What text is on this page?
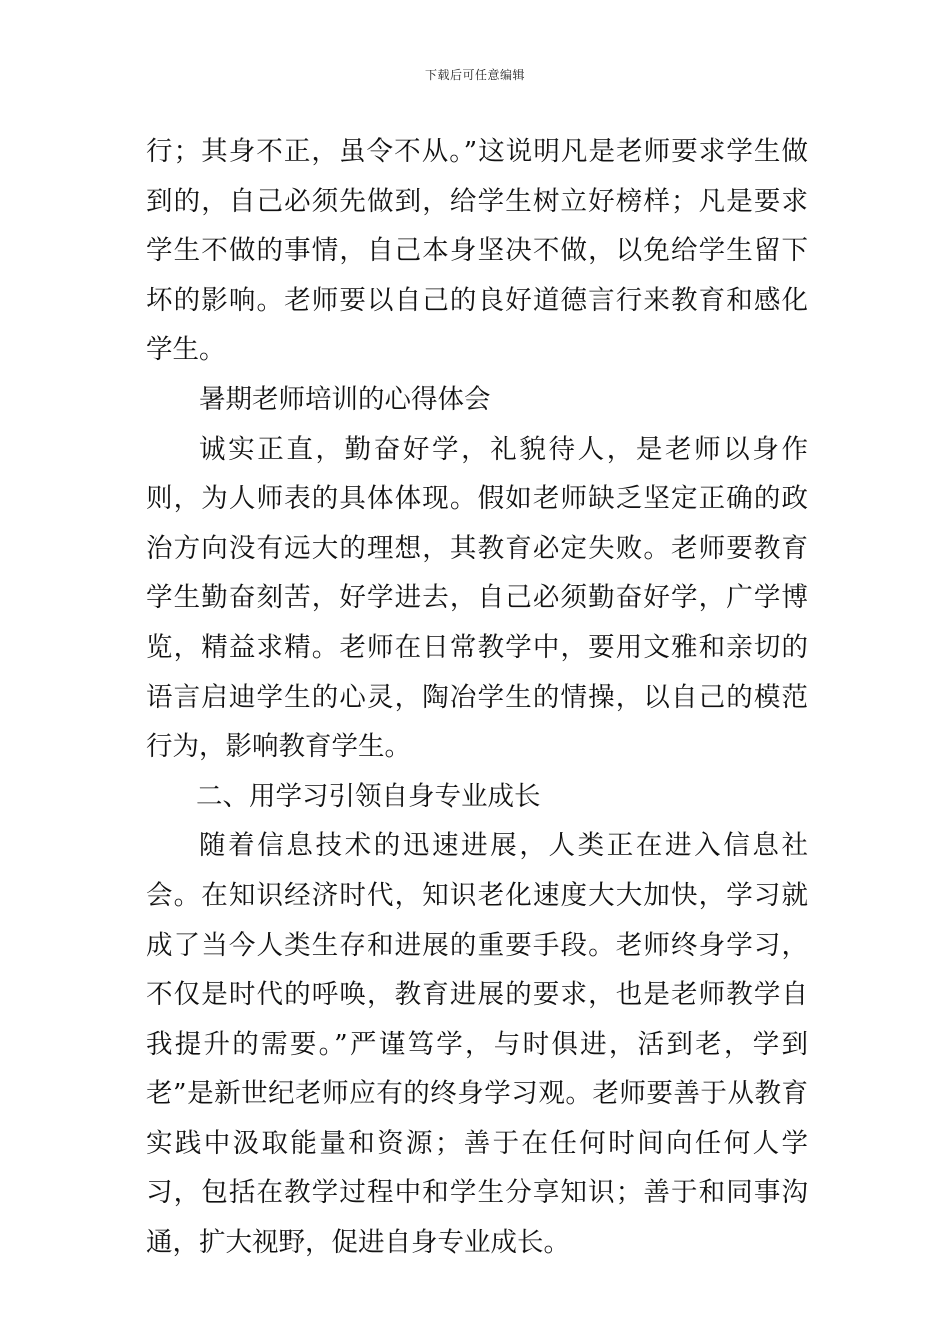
下载后可任意编辑

行；其身不正，虽令不从。”这说明凡是老师要求学生做到的，自己必须先做到，给学生树立好榜样；凡是要求学生不做的事情，自己本身坚决不做，以免给学生留下坏的影响。老师要以自己的良好道德言行来教育和感化学生。

暑期老师培训的心得体会

诚实正直，勤奋好学，礼貌待人，是老师以身作则，为人师表的具体体现。假如老师缺乏坚定正确的政治方向没有远大的理想，其教育必定失败。老师要教育学生勤奋刻苦，好学进去，自己必须勤奋好学，广学博览，精益求精。老师在日常教学中，要用文雅和亲切的语言启迪学生的心灵，陶冶学生的情操，以自己的模范行为，影响教育学生。

二、用学习引领自身专业成长

随着信息技术的迅速进展，人类正在进入信息社会。在知识经济时代，知识老化速度大大加快，学习就成了当今人类生存和进展的重要手段。老师终身学习，不仅是时代的呼唤，教育进展的要求，也是老师教学自我提升的需要。”严谨笃学，与时俱进，活到老，学到老”是新世纪老师应有的终身学习观。老师要善于从教育实践中汲取能量和资源；善于在任何时间向任何人学习，包括在教学过程中和学生分享知识；善于和同事沟通，扩大视野，促进自身专业成长。
